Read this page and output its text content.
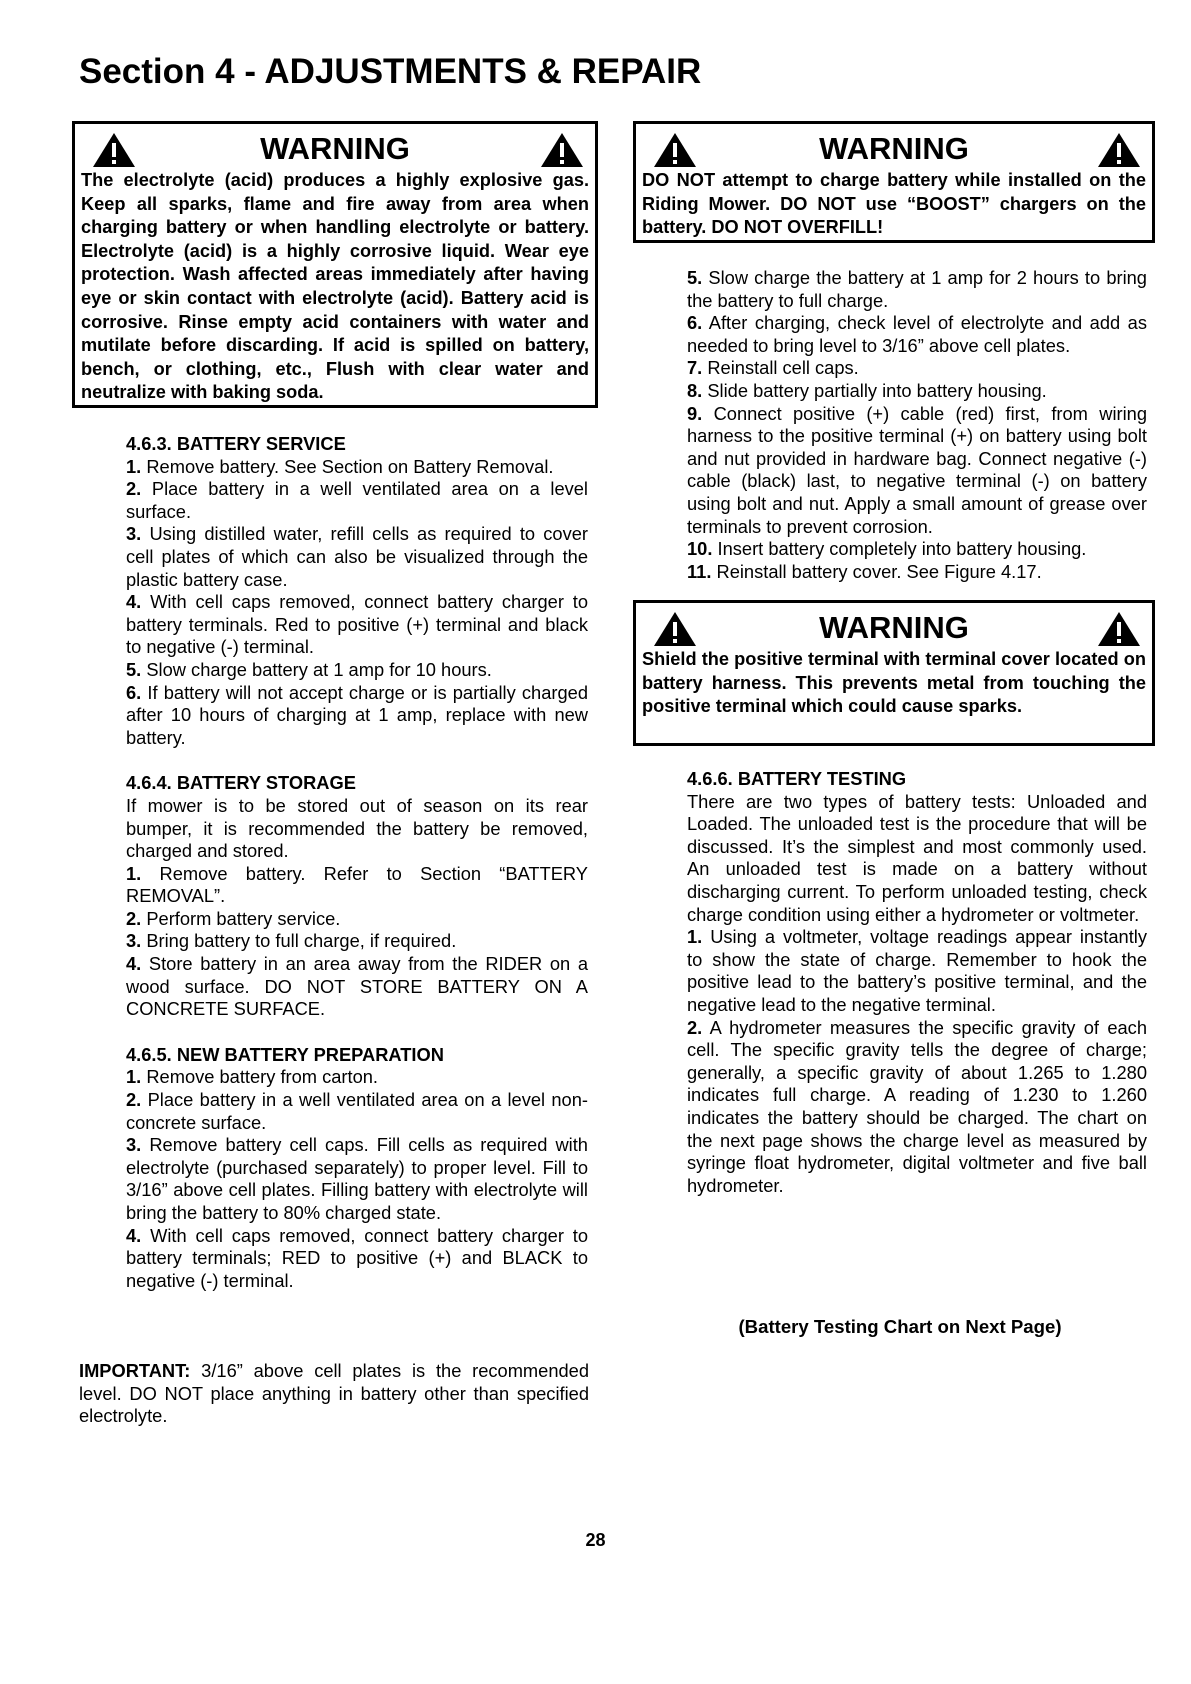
Section 4 - ADJUSTMENTS & REPAIR
WARNING

The electrolyte (acid) produces a highly explosive gas. Keep all sparks, flame and fire away from area when charging battery or when handling electrolyte or battery. Electrolyte (acid) is a highly corrosive liquid. Wear eye protection. Wash affected areas immediately after having eye or skin contact with electrolyte (acid). Battery acid is corrosive. Rinse empty acid containers with water and mutilate before discarding. If acid is spilled on battery, bench, or clothing, etc., Flush with clear water and neutralize with baking soda.

WARNING

DO NOT attempt to charge battery while installed on the Riding Mower. DO NOT use “BOOST” chargers on the battery. DO NOT OVERFILL!

4.6.3. BATTERY SERVICE

1. Remove battery. See Section on Battery Removal.

2. Place battery in a well ventilated area on a level surface.

3. Using distilled water, refill cells as required to cover cell plates of which can also be visualized through the plastic battery case.

4. With cell caps removed, connect battery charger to battery terminals. Red to positive (+) terminal and black to negative (-) terminal.

5. Slow charge battery at 1 amp for 10 hours.

6. If battery will not accept charge or is partially charged after 10 hours of charging at 1 amp, replace with new battery.

4.6.4. BATTERY STORAGE

If mower is to be stored out of season on its rear bumper, it is recommended the battery be removed, charged and stored.

1. Remove battery. Refer to Section “BATTERY REMOVAL”.

2. Perform battery service.

3. Bring battery to full charge, if required.

4. Store battery in an area away from the RIDER on a wood surface. DO NOT STORE BATTERY ON A CONCRETE SURFACE.

4.6.5. NEW BATTERY PREPARATION

1. Remove battery from carton.

2. Place battery in a well ventilated area on a level non-concrete surface.

3. Remove battery cell caps. Fill cells as required with electrolyte (purchased separately) to proper level. Fill to 3/16” above cell plates. Filling battery with electrolyte will bring the battery to 80% charged state.

4. With cell caps removed, connect battery charger to battery terminals; RED to positive (+) and BLACK to negative (-) terminal.

IMPORTANT: 3/16” above cell plates is the recommended level. DO NOT place anything in battery other than specified electrolyte.

5. Slow charge the battery at 1 amp for 2 hours to bring the battery to full charge.

6. After charging, check level of electrolyte and add as needed to bring level to 3/16” above cell plates.

7. Reinstall cell caps.

8. Slide battery partially into battery housing.

9. Connect positive (+) cable (red) first, from wiring harness to the positive terminal (+) on battery using bolt and nut provided in hardware bag. Connect negative (-) cable (black) last, to negative terminal (-) on battery using bolt and nut. Apply a small amount of grease over terminals to prevent corrosion.

10. Insert battery completely into battery housing.

11. Reinstall battery cover. See Figure 4.17.

WARNING

Shield the positive terminal with terminal cover located on battery harness. This prevents metal from touching the positive terminal which could cause sparks.

4.6.6. BATTERY TESTING

There are two types of battery tests: Unloaded and Loaded. The unloaded test is the procedure that will be discussed. It’s the simplest and most commonly used. An unloaded test is made on a battery without discharging current. To perform unloaded testing, check charge condition using either a hydrometer or voltmeter.

1. Using a voltmeter, voltage readings appear instantly to show the state of charge. Remember to hook the positive lead to the battery’s positive terminal, and the negative lead to the negative terminal.

2. A hydrometer measures the specific gravity of each cell. The specific gravity tells the degree of charge; generally, a specific gravity of about 1.265 to 1.280 indicates full charge. A reading of 1.230 to 1.260 indicates the battery should be charged. The chart on the next page shows the charge level as measured by syringe float hydrometer, digital voltmeter and five ball hydrometer.

(Battery Testing Chart on Next Page)
28
